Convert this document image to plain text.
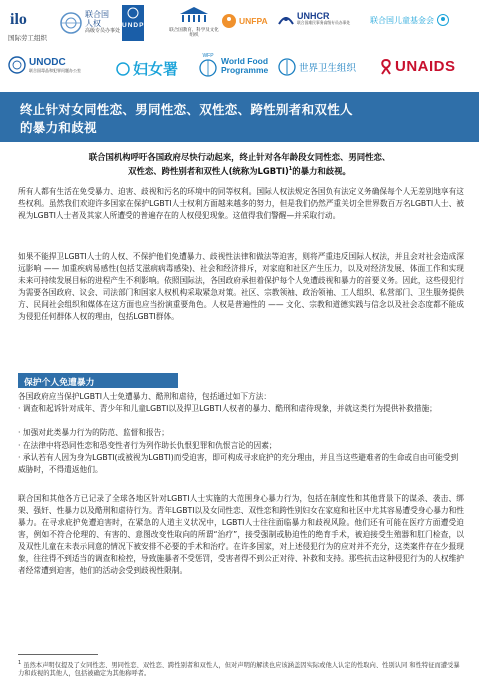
ilo
国际劳工组织
联合国
人权
高级专员办事处
UNDP
联合国教育、科学及文化组织
UNFPA
UNHCR
联合国难民事务高级专员办事处 联合国儿童基金会
UNODC
联合国毒品和犯罪问题办公室	妇女署
WFP World Food
Programme	世界卫生组织	UNAIDS
终止针对女同性恋、男同性恋、双性恋、跨性别者和双性人
的暴力和歧视
联合国机构呼吁各国政府尽快行动起来，终止针对各年龄段女同性恋、男同性恋、
双性恋、跨性别者和双性人(统称为LGBTI)$^1$的暴力和歧视。
所有人都有生活在免受暴力、迫害、歧视和污名的环境中的同等权利。国际人权法规定各国负有法定义务确保每个人无差别地享有这些权利。虽然我们欢迎许多国家在保护LGBTI人士权利方面越来越多的努力，但是我们仍然严重关切全世界数百万名LGBTI人士、被视为LGBTI人士者及其家人所遭受的普遍存在的人权侵犯现象。这值得我们警醒—并采取行动。
如果不能捍卫LGBTI人士的人权、不保护他们免遭暴力、歧视性法律和做法等迫害，则将严重违反国际人权法，并且会对社会造成深远影响 —— 加重疾病易感性(包括艾滋病病毒感染)、社会和经济排斥，对家庭和社区产生压力，以及对经济发展、体面工作和实现未来可持续发展目标的进程产生不利影响。依照国际法，各国政府承担着保护每个人免遭歧视和暴力的首要义务。因此，这些侵犯行为需要各国政府、议会、司法部门和国家人权机构采取紧急对策。社区、宗教领袖、政治领袖、工人组织、私营部门、卫生服务提供方、民间社会组织和媒体在这方面也应当扮演重要角色。人权是普遍性的 —— 文化、宗教和道德实践与信念以及社会态度都不能成为侵犯任何群体人权的理由，包括LGBTI群体。
保护个人免遭暴力
各国政府应当保护LGBTI人士免遭暴力、酷刑和虐待，包括通过如下方法：
· 调查和起诉针对成年、青少年和儿童LGBTI以及捍卫LGBTI人权者的暴力、酷刑和虐待现象，并就这类行为提供补救措施；
· 加强对此类暴力行为的防范、监督和报告；
· 在法律中将恐同性恋和恐变性者行为列作助长仇恨犯罪和仇恨言论的因素；
· 承认若有人因为身为LGBTI(或被视为LGBTI)而受迫害，即可构成寻求庇护的充分理由，并且当这些避难者的生命或自由可能受到威胁时，不得遣返他们。
联合国和其他各方已记录了全球各地区针对LGBTI人士实施的大范围身心暴力行为，包括在制度性和其他背景下的谋杀、袭击、绑架、强奸、性暴力以及酷刑和虐待行为。青年LGBTI以及女同性恋、双性恋和跨性别妇女在家庭和社区中尤其容易遭受身心暴力和性暴力。在寻求庇护免遭迫害时，在紧急的人道主义状况中，LGBTI人士往往面临暴力和歧视风险。他们还有可能在医疗方面遭受迫害，例如不符合伦理的、有害的、意图改变性取向的所谓“治疗”，接受强制或胁迫性的绝育手术，被迫接受生殖器和肛门检查，以及双性儿童在未表示同意的情况下被安排不必要的手术和治疗。在许多国家，对上述侵犯行为的应对并不充分，这类案件存在少报现象，往往得不到适当的调查和检控，导致施暴者不受惩罚，受害者得不到公正对待、补救和支持。那些抗击这种侵犯行为的人权维护者经常遭到迫害，他们的活动会受到歧视性限制。
$^1$ 虽然本声明仅提及了女同性恋、男同性恋、双性恋、跨性别者和双性人，但对声明的解读也应该涵盖因实际或他人认定的性取向、性别认同 和性特征而遭受暴力和歧视的其他人，包括被确定为其他称呼者。
